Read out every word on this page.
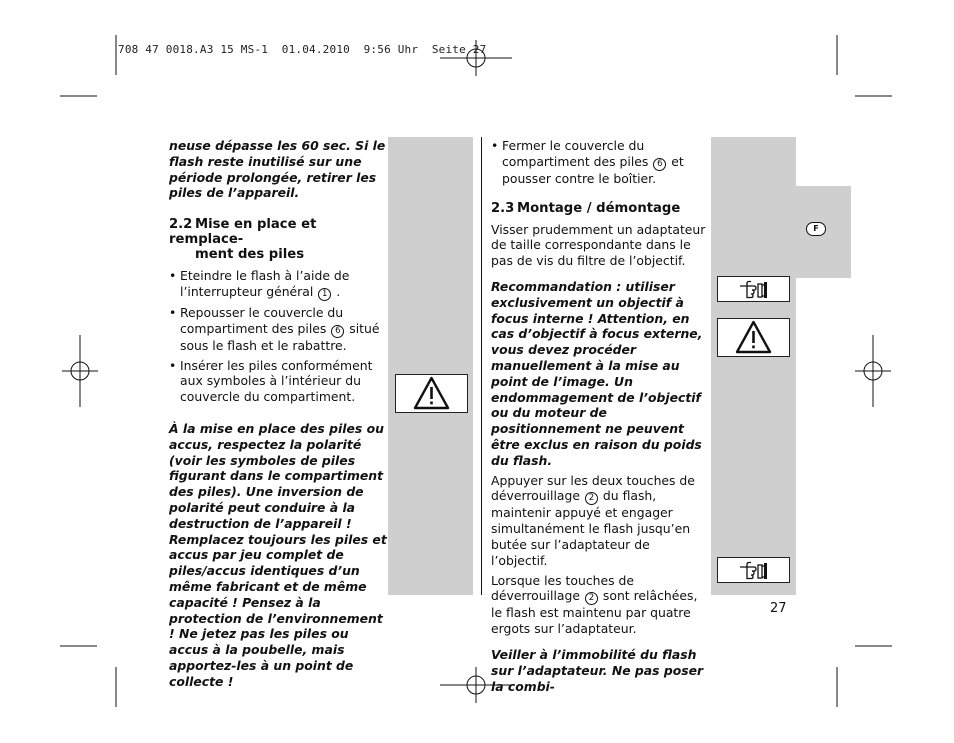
708 47 0018.A3 15 MS-1  01.04.2010  9:56 Uhr  Seite 27
F

neuse dépasse les 60 sec. Si le flash reste inutilisé sur une période prolongée, retirer les piles de l’appareil.

2.2 Mise en place et remplace-
ment des piles

• Eteindre le flash à l’aide de l’interrupteur général 1 .

• Repousser le couvercle du compartiment des piles 6 situé sous le flash et le rabattre.

• Insérer les piles conformément aux symboles à l’intérieur du couvercle du compartiment.

À la mise en place des piles ou accus, respectez la polarité (voir les symboles de piles figurant dans le compartiment des piles). Une inversion de polarité peut conduire à la destruction de l’appareil ! Remplacez toujours les piles et accus par jeu complet de piles/accus identiques d’un même fabricant et de même capacité ! Pensez à la protection de l’environnement ! Ne jetez pas les piles ou accus à la poubelle, mais apportez-les à un point de collecte !

• Fermer le couvercle du compartiment des piles 6 et pousser contre le boîtier.

2.3 Montage / démontage

Visser prudemment un adaptateur de taille correspondante dans le pas de vis du filtre de l’objectif.

Recommandation : utiliser exclusivement un objectif à focus interne ! Attention, en cas d’objectif à focus externe, vous devez procéder manuellement à la mise au point de l’image. Un endommagement de l’objectif ou du moteur de positionnement ne peuvent être exclus en raison du poids du flash.

Appuyer sur les deux touches de déverrouillage 2 du flash, maintenir appuyé et engager simultanément le flash jusqu’en butée sur l’adaptateur de l’objectif.

Lorsque les touches de déverrouillage 2 sont relâchées, le flash est maintenu par quatre ergots sur l’adaptateur.

Veiller à l’immobilité du flash sur l’adaptateur. Ne pas poser la combi-

27
